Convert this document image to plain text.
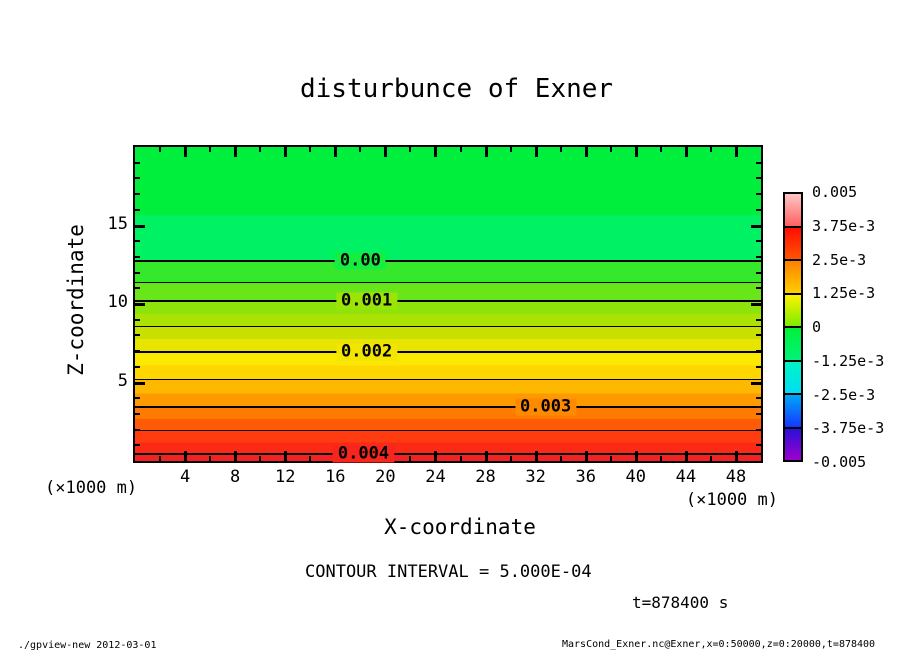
disturbunce of Exner
0.00
0.001
0.002
0.003
0.004
Z-coordinate
X-coordinate
(×1000 m)
(×1000 m)
4 8 12 16 20 24 28 32 36 40 44 48
5
10
15
0.005
3.75e-3
2.5e-3
1.25e-3
0
-1.25e-3
-2.5e-3
-3.75e-3
-0.005
CONTOUR INTERVAL = 5.000E-04
t=878400 s
./gpview-new 2012-03-01	MarsCond_Exner.nc@Exner,x=0:50000,z=0:20000,t=878400
